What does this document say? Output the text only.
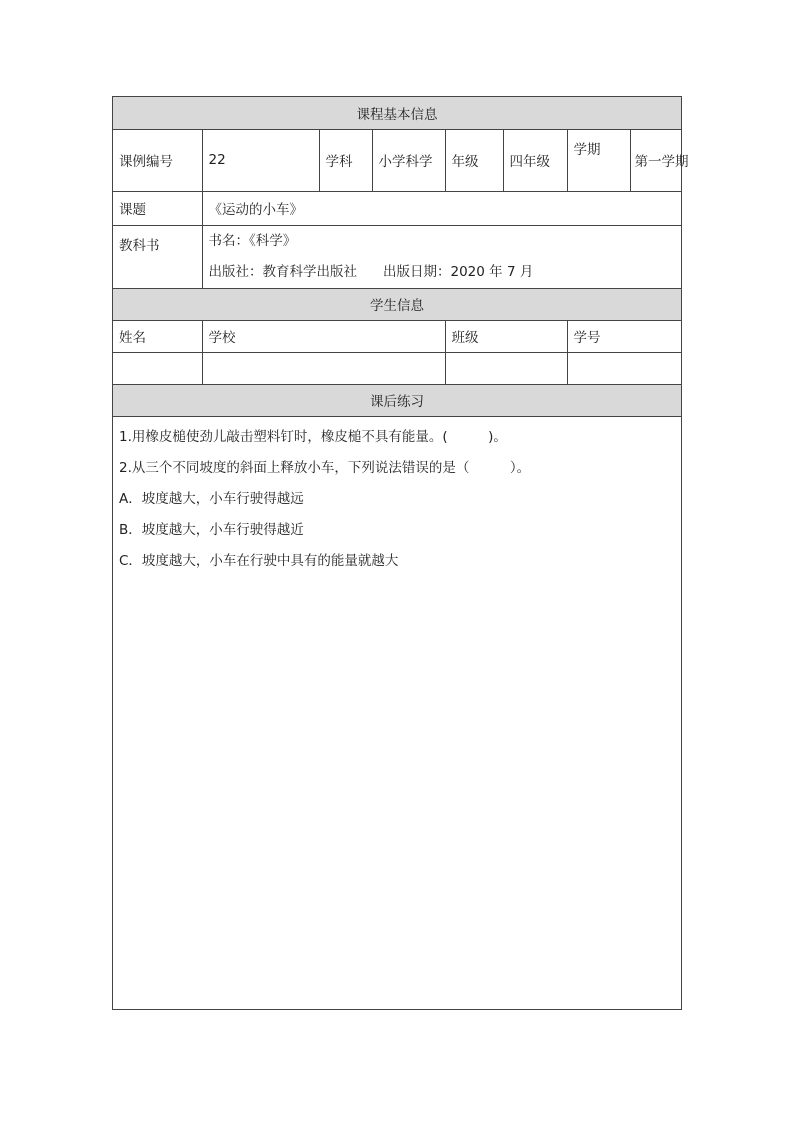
课程基本信息							
课例编号	22	学科	小学科学	年级	四年级	学期	第一学期
课题	《运动的小车》						
教科书	书名：《科学》
出版社：教育科学出版社 出版日期：2020 年 7 月						

学生信息							
姓名	学校			班级		学号	

课后练习							
1.用橡皮槌使劲儿敲击塑料钉时，橡皮槌不具有能量。(　　　)。
2.从三个不同坡度的斜面上释放小车，下列说法错误的是（　　　）。
A．坡度越大，小车行驶得越远
B．坡度越大，小车行驶得越近
C．坡度越大，小车在行驶中具有的能量就越大
